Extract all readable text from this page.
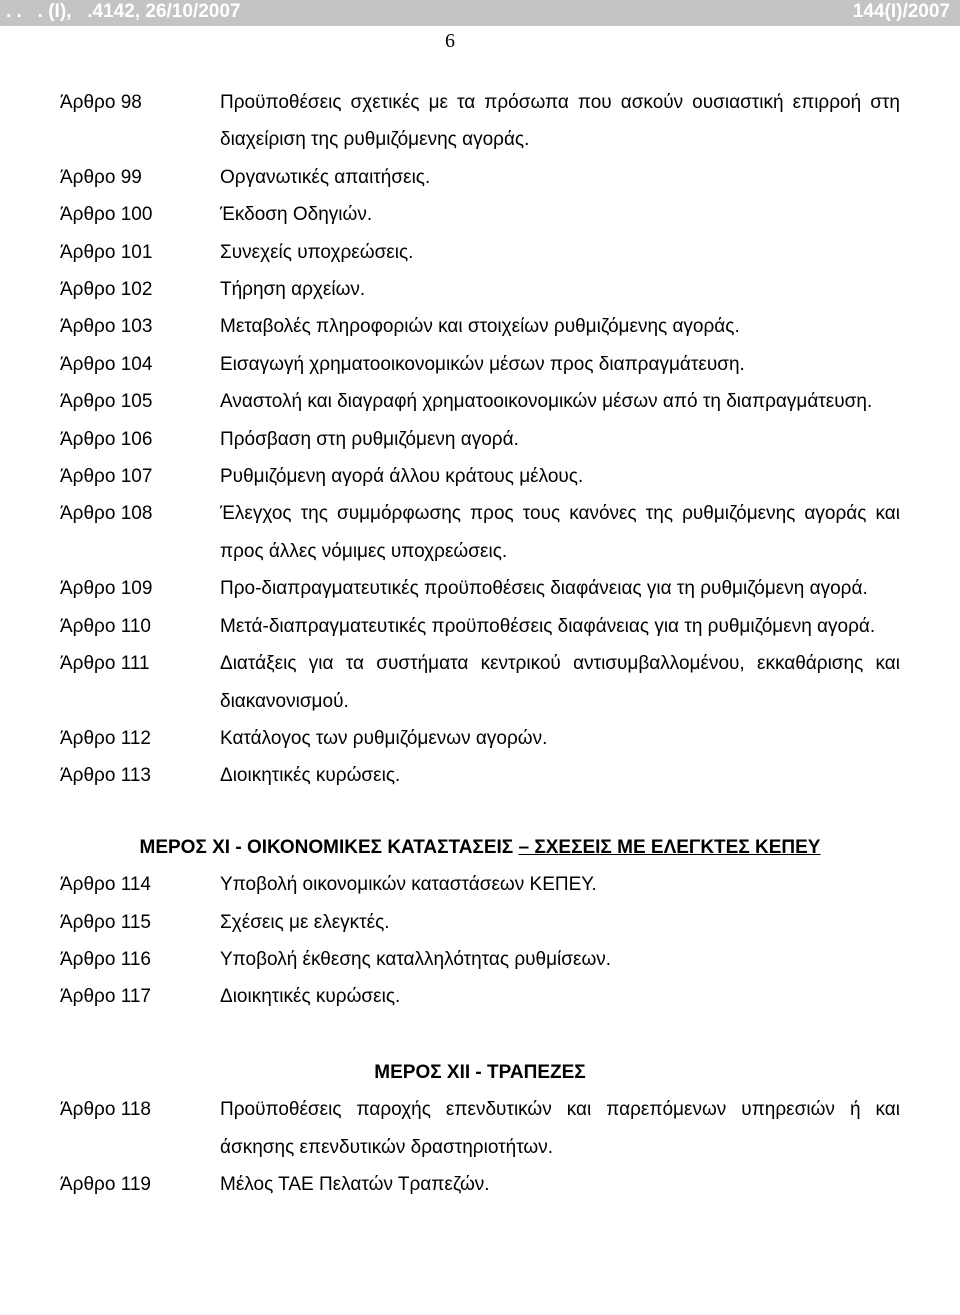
. .   . (Ι),   .4142, 26/10/2007	144(Ι)/2007
6
Άρθρο 98	Προϋποθέσεις σχετικές με τα πρόσωπα που ασκούν ουσιαστική επιρροή στη διαχείριση της ρυθμιζόμενης αγοράς.
Άρθρο 99	Οργανωτικές απαιτήσεις.
Άρθρο 100	Έκδοση Οδηγιών.
Άρθρο 101	Συνεχείς υποχρεώσεις.
Άρθρο 102	Τήρηση αρχείων.
Άρθρο 103	Μεταβολές πληροφοριών και στοιχείων ρυθμιζόμενης αγοράς.
Άρθρο 104	Εισαγωγή χρηματοοικονομικών μέσων προς διαπραγμάτευση.
Άρθρο 105	Αναστολή και διαγραφή χρηματοοικονομικών μέσων από τη διαπραγμάτευση.
Άρθρο 106	Πρόσβαση στη ρυθμιζόμενη αγορά.
Άρθρο 107	Ρυθμιζόμενη αγορά άλλου κράτους μέλους.
Άρθρο 108	Έλεγχος της συμμόρφωσης προς τους κανόνες της ρυθμιζόμενης αγοράς και προς άλλες νόμιμες υποχρεώσεις.
Άρθρο 109	Προ-διαπραγματευτικές προϋποθέσεις διαφάνειας για τη ρυθμιζόμενη αγορά.
Άρθρο 110	Μετά-διαπραγματευτικές προϋποθέσεις διαφάνειας για τη ρυθμιζόμενη αγορά.
Άρθρο 111	Διατάξεις για τα συστήματα κεντρικού αντισυμβαλλομένου, εκκαθάρισης και διακανονισμού.
Άρθρο 112	Κατάλογος των ρυθμιζόμενων αγορών.
Άρθρο 113	Διοικητικές κυρώσεις.
ΜΕΡΟΣ XI - ΟΙΚΟΝΟΜΙΚΕΣ ΚΑΤΑΣΤΑΣΕΙΣ – ΣΧΕΣΕΙΣ ΜΕ ΕΛΕΓΚΤΕΣ ΚΕΠΕΥ
Άρθρο 114	Υποβολή οικονομικών καταστάσεων ΚΕΠΕΥ.
Άρθρο 115	Σχέσεις με ελεγκτές.
Άρθρο 116	Υποβολή έκθεσης καταλληλότητας ρυθμίσεων.
Άρθρο 117	Διοικητικές κυρώσεις.
ΜΕΡΟΣ XII - ΤΡΑΠΕΖΕΣ
Άρθρο 118	Προϋποθέσεις παροχής επενδυτικών και παρεπόμενων υπηρεσιών ή και άσκησης επενδυτικών δραστηριοτήτων.
Άρθρο 119	Μέλος ΤΑΕ Πελατών Τραπεζών.
